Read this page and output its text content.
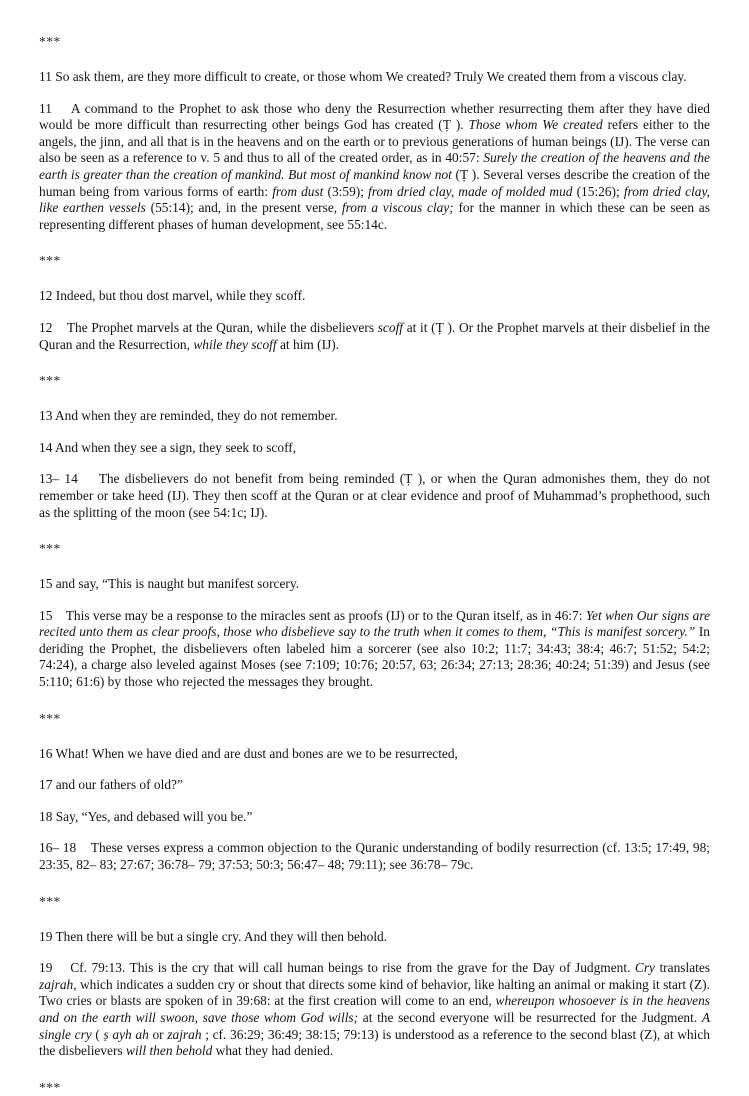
***

11 So ask them, are they more difficult to create, or those whom We created? Truly We created them from a viscous clay.

11 A command to the Prophet to ask those who deny the Resurrection whether resurrecting them after they have died would be more difficult than resurrecting other beings God has created (Ṭ ). Those whom We created refers either to the angels, the jinn, and all that is in the heavens and on the earth or to previous generations of human beings (IJ). The verse can also be seen as a reference to v. 5 and thus to all of the created order, as in 40:57: Surely the creation of the heavens and the earth is greater than the creation of mankind. But most of mankind know not (Ṭ ). Several verses describe the creation of the human being from various forms of earth: from dust (3:59); from dried clay, made of molded mud (15:26); from dried clay, like earthen vessels (55:14); and, in the present verse, from a viscous clay; for the manner in which these can be seen as representing different phases of human development, see 55:14c.

***

12 Indeed, but thou dost marvel, while they scoff.

12 The Prophet marvels at the Quran, while the disbelievers scoff at it (Ṭ ). Or the Prophet marvels at their disbelief in the Quran and the Resurrection, while they scoff at him (IJ).

***

13 And when they are reminded, they do not remember.

14 And when they see a sign, they seek to scoff,

13– 14 The disbelievers do not benefit from being reminded (Ṭ ), or when the Quran admonishes them, they do not remember or take heed (IJ). They then scoff at the Quran or at clear evidence and proof of Muhammad’s prophethood, such as the splitting of the moon (see 54:1c; IJ).

***

15 and say, “This is naught but manifest sorcery.

15 This verse may be a response to the miracles sent as proofs (IJ) or to the Quran itself, as in 46:7: Yet when Our signs are recited unto them as clear proofs, those who disbelieve say to the truth when it comes to them, “This is manifest sorcery.” In deriding the Prophet, the disbelievers often labeled him a sorcerer (see also 10:2; 11:7; 34:43; 38:4; 46:7; 51:52; 54:2; 74:24), a charge also leveled against Moses (see 7:109; 10:76; 20:57, 63; 26:34; 27:13; 28:36; 40:24; 51:39) and Jesus (see 5:110; 61:6) by those who rejected the messages they brought.

***

16 What! When we have died and are dust and bones are we to be resurrected,

17 and our fathers of old?”

18 Say, “Yes, and debased will you be.”

16– 18 These verses express a common objection to the Quranic understanding of bodily resurrection (cf. 13:5; 17:49, 98; 23:35, 82– 83; 27:67; 36:78– 79; 37:53; 50:3; 56:47– 48; 79:11); see 36:78– 79c.

***

19 Then there will be but a single cry. And they will then behold.

19 Cf. 79:13. This is the cry that will call human beings to rise from the grave for the Day of Judgment. Cry translates zajrah, which indicates a sudden cry or shout that directs some kind of behavior, like halting an animal or making it start (Z). Two cries or blasts are spoken of in 39:68: at the first creation will come to an end, whereupon whosoever is in the heavens and on the earth will swoon, save those whom God wills; at the second everyone will be resurrected for the Judgment. A single cry ( ṣ ayh ah or zajrah ; cf. 36:29; 36:49; 38:15; 79:13) is understood as a reference to the second blast (Z), at which the disbelievers will then behold what they had denied.

***
